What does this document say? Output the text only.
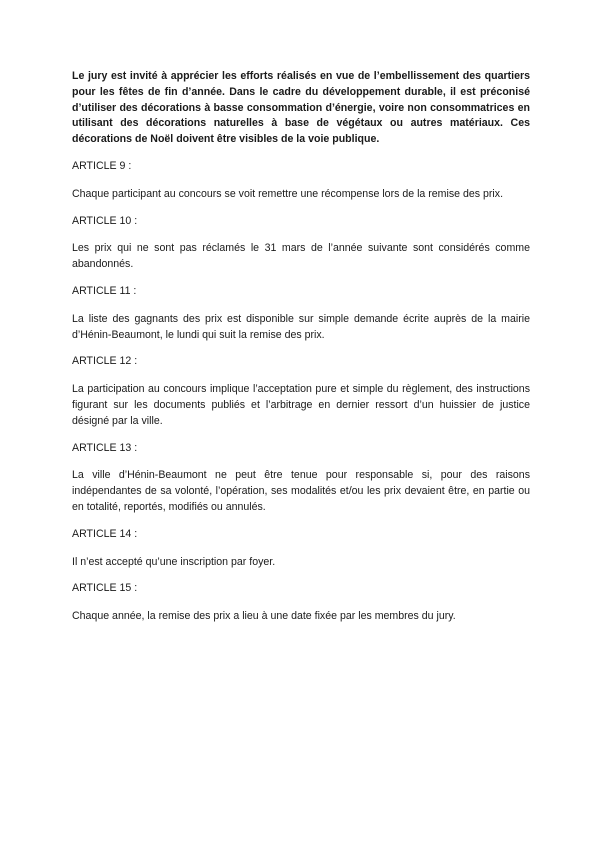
Le jury est invité à apprécier les efforts réalisés en vue de l’embellissement des quartiers pour les fêtes de fin d’année. Dans le cadre du développement durable, il est préconisé d’utiliser des décorations à basse consommation d’énergie, voire non consommatrices en utilisant des décorations naturelles à base de végétaux ou autres matériaux. Ces décorations de Noël doivent être visibles de la voie publique.

ARTICLE 9 :

Chaque participant au concours se voit remettre une récompense lors de la remise des prix.

ARTICLE 10 :

Les prix qui ne sont pas réclamés le 31 mars de l’année suivante sont considérés comme abandonnés.

ARTICLE 11 :

La liste des gagnants des prix est disponible sur simple demande écrite auprès de la mairie d’Hénin-Beaumont, le lundi qui suit la remise des prix.

ARTICLE 12 :

La participation au concours implique l’acceptation pure et simple du règlement, des instructions figurant sur les documents publiés et l’arbitrage en dernier ressort d’un huissier de justice désigné par la ville.

ARTICLE 13 :

La ville d’Hénin-Beaumont ne peut être tenue pour responsable si, pour des raisons indépendantes de sa volonté, l’opération, ses modalités et/ou les prix devaient être, en partie ou en totalité, reportés, modifiés ou annulés.

ARTICLE 14 :

Il n’est accepté qu’une inscription par foyer.

ARTICLE 15 :

Chaque année, la remise des prix a lieu à une date fixée par les membres du jury.
